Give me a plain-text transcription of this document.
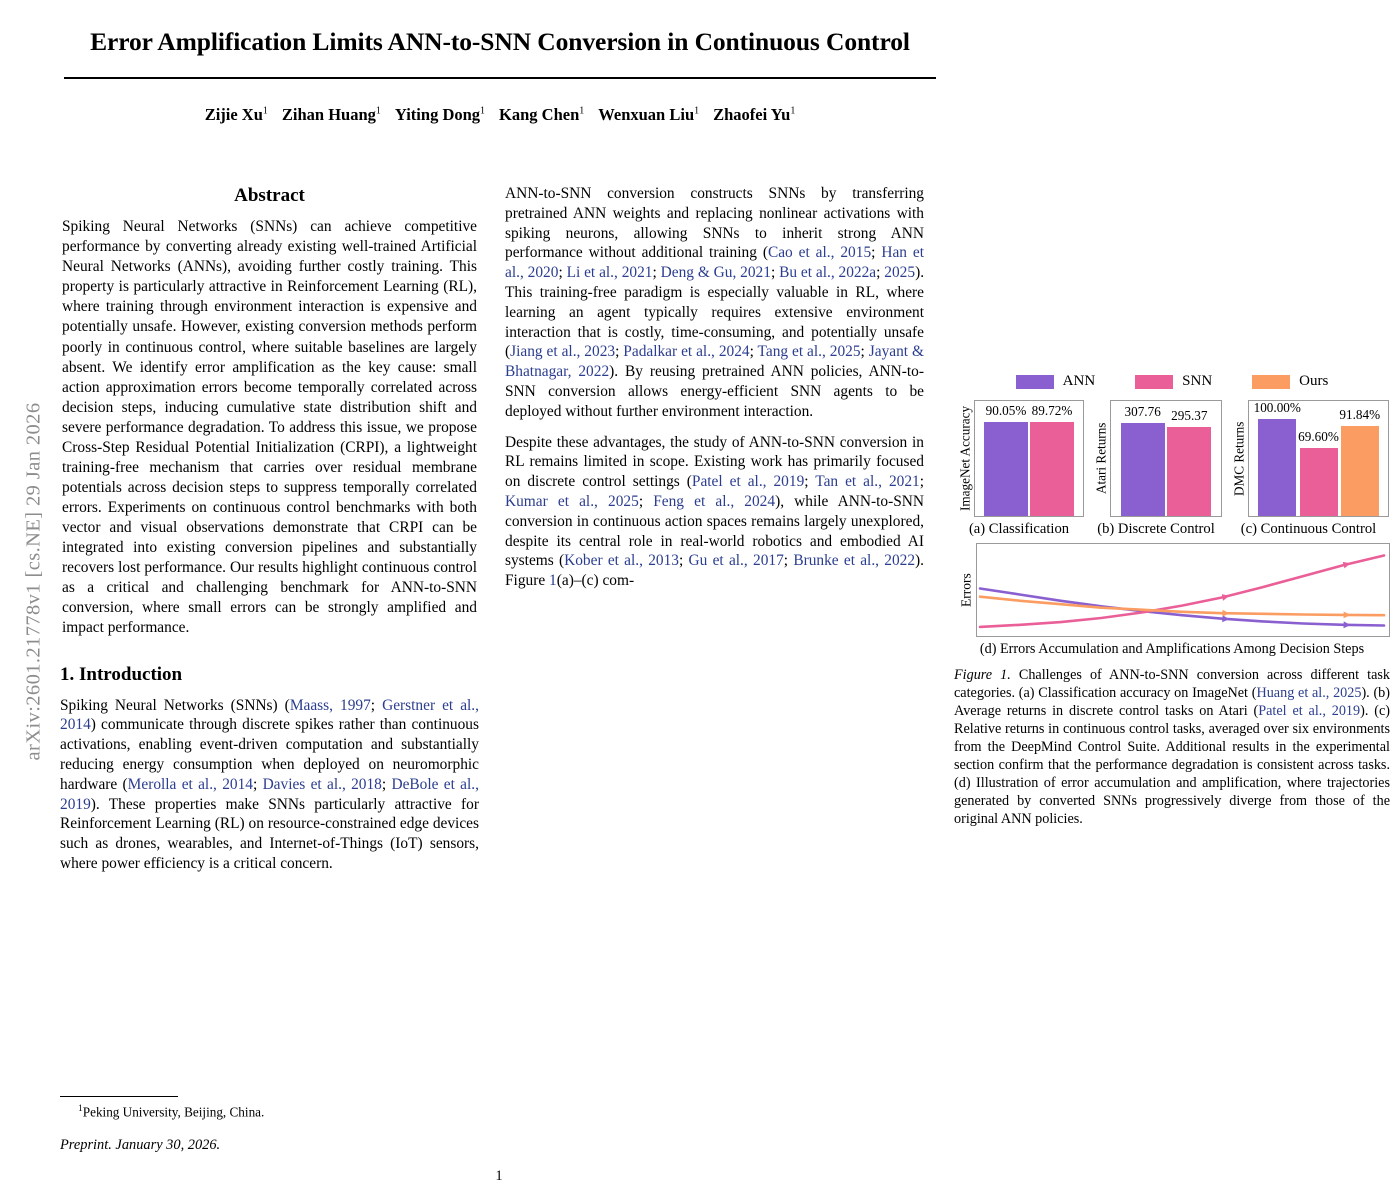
arXiv:2601.21778v1 [cs.NE] 29 Jan 2026
Error Amplification Limits ANN-to-SNN Conversion in Continuous Control
Zijie Xu$^1$ Zihan Huang$^1$ Yiting Dong$^1$ Kang Chen$^1$ Wenxuan Liu$^1$ Zhaofei Yu$^1$
Abstract

Spiking Neural Networks (SNNs) can achieve competitive performance by converting already existing well-trained Artificial Neural Networks (ANNs), avoiding further costly training. This property is particularly attractive in Reinforcement Learning (RL), where training through environment interaction is expensive and potentially unsafe. However, existing conversion methods perform poorly in continuous control, where suitable baselines are largely absent. We identify error amplification as the key cause: small action approximation errors become temporally correlated across decision steps, inducing cumulative state distribution shift and severe performance degradation. To address this issue, we propose Cross-Step Residual Potential Initialization (CRPI), a lightweight training-free mechanism that carries over residual membrane potentials across decision steps to suppress temporally correlated errors. Experiments on continuous control benchmarks with both vector and visual observations demonstrate that CRPI can be integrated into existing conversion pipelines and substantially recovers lost performance. Our results highlight continuous control as a critical and challenging benchmark for ANN-to-SNN conversion, where small errors can be strongly amplified and impact performance.

1. Introduction

Spiking Neural Networks (SNNs) (Maass, 1997; Gerstner et al., 2014) communicate through discrete spikes rather than continuous activations, enabling event-driven computation and substantially reducing energy consumption when deployed on neuromorphic hardware (Merolla et al., 2014; Davies et al., 2018; DeBole et al., 2019). These properties make SNNs particularly attractive for Reinforcement Learning (RL) on resource-constrained edge devices such as drones, wearables, and Internet-of-Things (IoT) sensors, where power efficiency is a critical concern.

$^1$Peking University, Beijing, China.
Preprint. January 30, 2026.
1
ANN	SNN	Ours
ImageNet Accuracy 90.05% 89.72%
(a) Classification
Atari Returns
307.76 295.37
(b) Discrete Control
DMC Returns
100.00%
69.60%
91.84%
(c) Continuous Control
Errors
(d) Errors Accumulation and Amplifications Among Decision Steps
Figure 1. Challenges of ANN-to-SNN conversion across different task categories. (a) Classification accuracy on ImageNet (Huang et al., 2025). (b) Average returns in discrete control tasks on Atari (Patel et al., 2019). (c) Relative returns in continuous control tasks, averaged over six environments from the DeepMind Control Suite. Additional results in the experimental section confirm that the performance degradation is consistent across tasks. (d) Illustration of error accumulation and amplification, where trajectories generated by converted SNNs progressively diverge from those of the original ANN policies.

ANN-to-SNN conversion constructs SNNs by transferring pretrained ANN weights and replacing nonlinear activations with spiking neurons, allowing SNNs to inherit strong ANN performance without additional training (Cao et al., 2015; Han et al., 2020; Li et al., 2021; Deng & Gu, 2021; Bu et al., 2022a; 2025). This training-free paradigm is especially valuable in RL, where learning an agent typically requires extensive environment interaction that is costly, time-consuming, and potentially unsafe (Jiang et al., 2023; Padalkar et al., 2024; Tang et al., 2025; Jayant & Bhatnagar, 2022). By reusing pretrained ANN policies, ANN-to-SNN conversion allows energy-efficient SNN agents to be deployed without further environment interaction.

Despite these advantages, the study of ANN-to-SNN conversion in RL remains limited in scope. Existing work has primarily focused on discrete control settings (Patel et al., 2019; Tan et al., 2021; Kumar et al., 2025; Feng et al., 2024), while ANN-to-SNN conversion in continuous action spaces remains largely unexplored, despite its central role in real-world robotics and embodied AI systems (Kober et al., 2013; Gu et al., 2017; Brunke et al., 2022). Figure 1(a)–(c) com-
